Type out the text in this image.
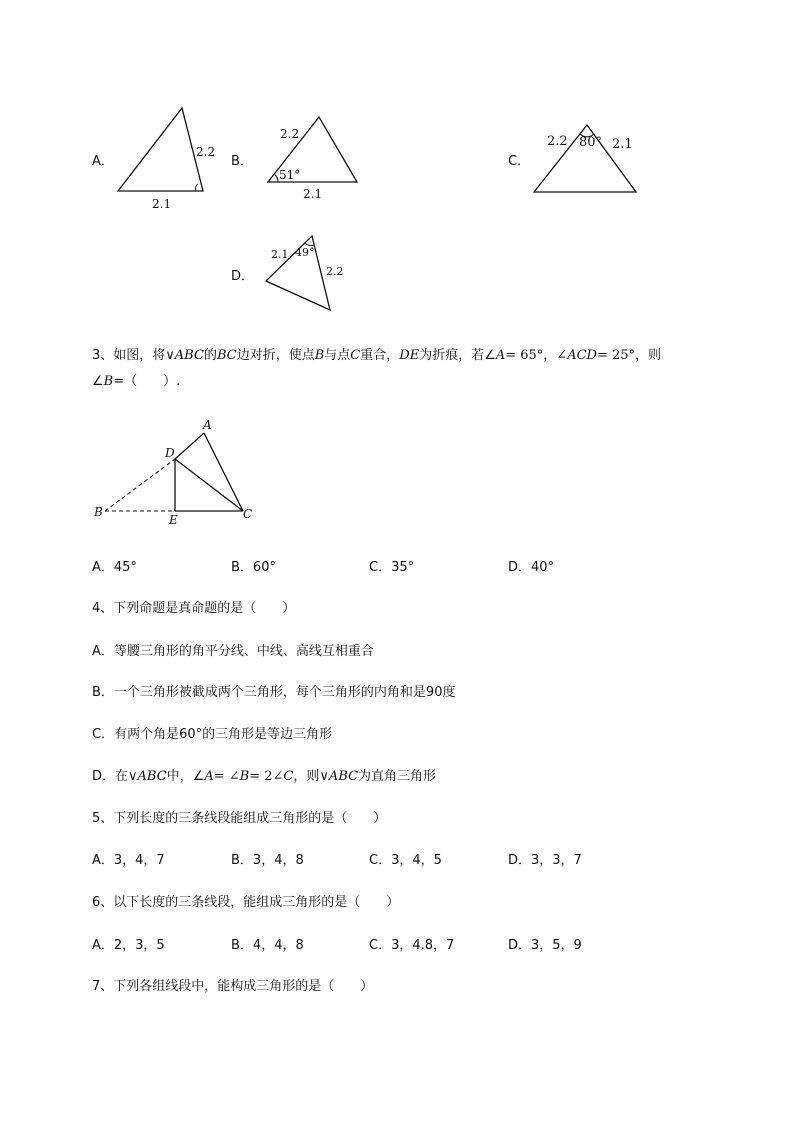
A．
2.2
2.1
B．
2.2
51°
2.1
C．
2.2 80° 2.1
D．
2.1 49°
2.2
3、如图，将∨ABC的BC边对折，使点B与点C重合，DE为折痕，若∠A= 65°，∠ACD= 25°，则
∠B=（　　）.
A
B	C
D
E
A．45°	B．60°	C．35°	D．40°
4、下列命题是真命题的是（　　）
A．等腰三角形的角平分线、中线、高线互相重合
B．一个三角形被截成两个三角形，每个三角形的内角和是90度
C．有两个角是60°的三角形是等边三角形
D．在∨ABC中，∠A= ∠B= 2∠C，则∨ABC为直角三角形
5、下列长度的三条线段能组成三角形的是（　　）
A．3，4，7	B．3，4，8	C．3，4，5	D．3，3，7
6、以下长度的三条线段，能组成三角形的是（　　）
A．2，3，5	B．4，4，8	C．3，4.8，7	D．3，5，9
7、下列各组线段中，能构成三角形的是（　　）
